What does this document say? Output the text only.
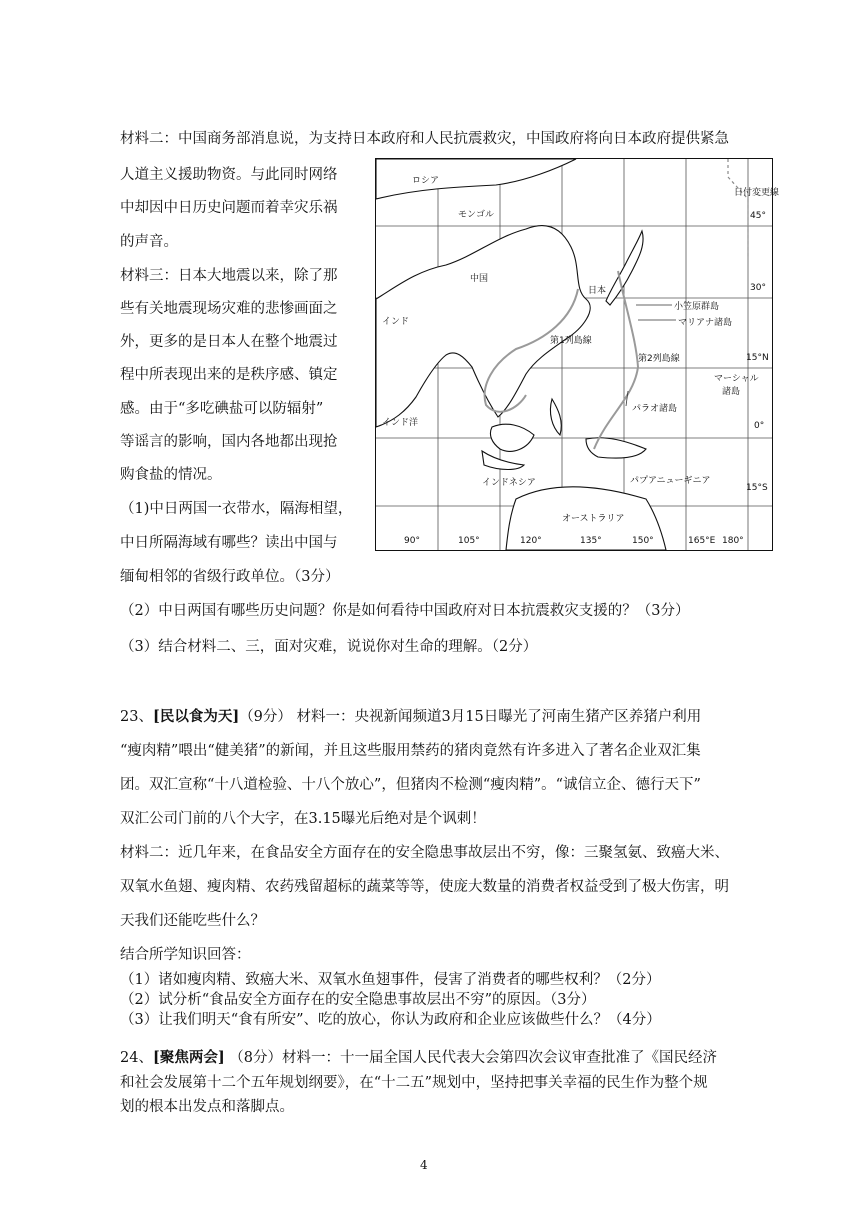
材料二：中国商务部消息说，为支持日本政府和人民抗震救灾，中国政府将向日本政府提供紧急
人道主义援助物资。与此同时网络
中却因中日历史问题而着幸灾乐祸
的声音。
材料三：日本大地震以来，除了那
些有关地震现场灾难的悲惨画面之
外，更多的是日本人在整个地震过
程中所表现出来的是秩序感、镇定
感。由于“多吃碘盐可以防辐射”
等谣言的影响，国内各地都出现抢
购食盐的情况。
（1)中日两国一衣带水，隔海相望，
中日所隔海域有哪些？读出中国与
缅甸相邻的省级行政单位。（3分）
（2）中日两国有哪些历史问题？你是如何看待中国政府对日本抗震救灾支援的？（3分）
（3）结合材料二、三，面对灾难，说说你对生命的理解。（2分）
ロシア
モンゴル
中国
日本
インド
インド洋
インドネシア
オーストラリア
パプアニューギニア
日付変更線
小笠原群島
マリアナ諸島
第1列島線
第2列島線
パラオ諸島
マーシャル
諸島
45°
30°
15°N
0°
15°S
90°	105°	120°	135°	150°	165°E 180°
23、[民以食为天]（9分） 材料一：央视新闻频道3月15日曝光了河南生猪产区养猪户利用
“瘦肉精”喂出“健美猪”的新闻，并且这些服用禁药的猪肉竟然有许多进入了著名企业双汇集
团。双汇宣称“十八道检验、十八个放心”，但猪肉不检测“瘦肉精”。“诚信立企、德行天下”
双汇公司门前的八个大字，在3.15曝光后绝对是个讽刺！
材料二：近几年来，在食品安全方面存在的安全隐患事故层出不穷，像：三聚氢氨、致癌大米、
双氧水鱼翅、瘦肉精、农药残留超标的蔬菜等等，使庞大数量的消费者权益受到了极大伤害，明
天我们还能吃些什么？
结合所学知识回答：
（1）诸如瘦肉精、致癌大米、双氧水鱼翅事件，侵害了消费者的哪些权利？（2分）
（2）试分析“食品安全方面存在的安全隐患事故层出不穷”的原因。（3分）
（3）让我们明天“食有所安”、吃的放心，你认为政府和企业应该做些什么？（4分）
24、[聚焦两会] （8分）材料一：十一届全国人民代表大会第四次会议审查批准了《国民经济
和社会发展第十二个五年规划纲要》，在“十二五”规划中，坚持把事关幸福的民生作为整个规
划的根本出发点和落脚点。
4
